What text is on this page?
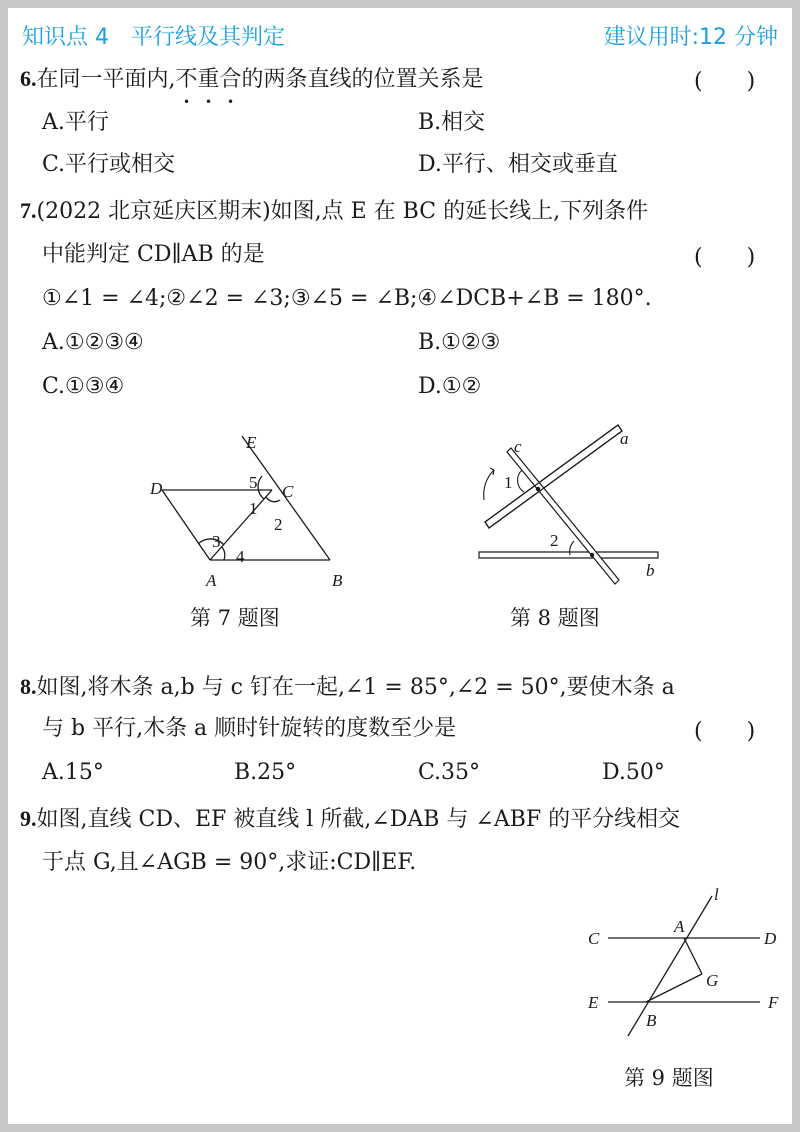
知识点 4　平行线及其判定	建议用时:12 分钟
6.在同一平面内,不重合的两条直线的位置关系是	(　　)
A.平行	B.相交
C.平行或相交	D.平行、相交或垂直
7.(2022 北京延庆区期末)如图,点 E 在 BC 的延长线上,下列条件
中能判定 CD∥AB 的是	(　　)
①∠1 = ∠4;②∠2 = ∠3;③∠5 = ∠B;④∠DCB+∠B = 180°.
A.①②③④	B.①②③
C.①③④	D.①②
E
D	C
A	B
5
1
2
3
4
第 7 题图
a
b
c
1
2
第 8 题图
8.如图,将木条 a,b 与 c 钉在一起,∠1 = 85°,∠2 = 50°,要使木条 a
与 b 平行,木条 a 顺时针旋转的度数至少是	(　　)
A.15°	B.25°	C.35°	D.50°
9.如图,直线 CD、EF 被直线 l 所截,∠DAB 与 ∠ABF 的平分线相交
于点 G,且∠AGB = 90°,求证:CD∥EF.
l
C	D
A
G
E	F
B
第 9 题图
